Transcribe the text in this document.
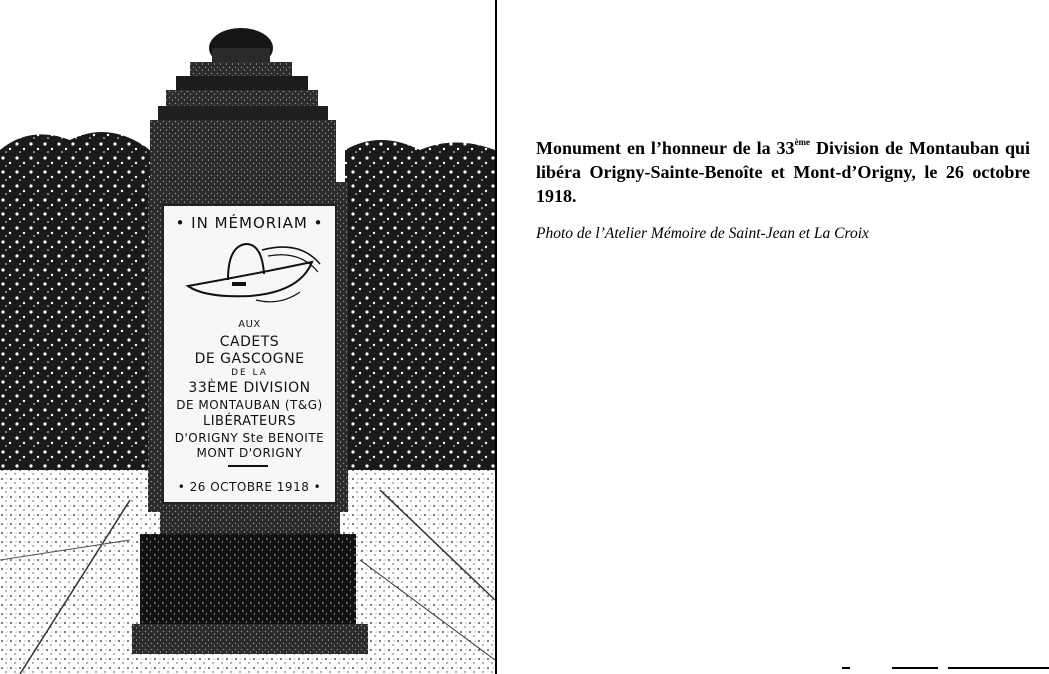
• IN MÉMORIAM •
AUX
CADETS
DE GASCOGNE
DE LA
33ÈME DIVISION
DE MONTAUBAN (T&G)
LIBÉRATEURS
D'ORIGNY Ste BENOITE
MONT D'ORIGNY
• 26 OCTOBRE 1918 •

Monument en l’honneur de la 33ème Division de Montauban qui libéra Origny-Sainte-Benoîte et Mont-d’Origny, le 26 octobre 1918.

Photo de l’Atelier Mémoire de Saint-Jean et La Croix
